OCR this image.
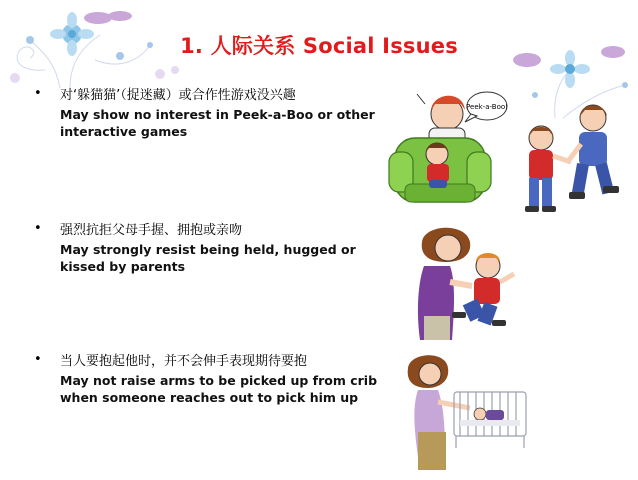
1. 人际关系 Social Issues
• 对‘躲猫猫’（捉迷藏）或合作性游戏没兴趣
May show no interest in Peek-a-Boo or other interactive games
• 强烈抗拒父母手握、拥抱或亲吻
May strongly resist being held, hugged or kissed by parents
• 当人要抱起他时，并不会伸手表现期待要抱
May not raise arms to be picked up from crib when someone reaches out to pick him up
Peek-a-Boo!
